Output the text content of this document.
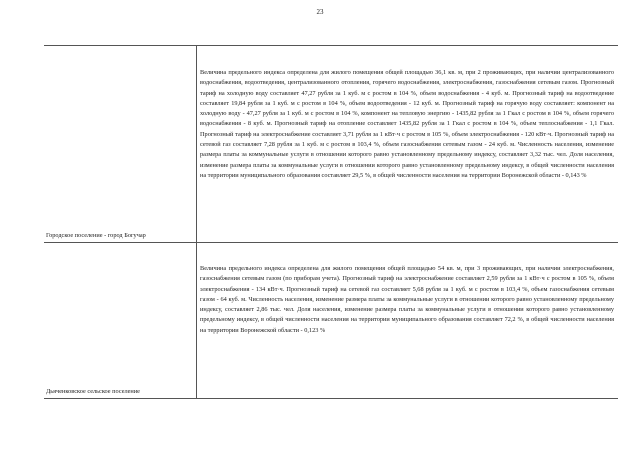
23
Городское поселение - город Богучар
Величина предельного индекса определена для жилого помещения общей площадью 36,1 кв. м, при 2 проживающих, при наличии централизованного водоснабжения, водоотведения, централизованного отопления, горячего водоснабжения, электроснабжения, газоснабжения сетевым газом. Прогнозный тариф на холодную воду составляет 47,27 рубля за 1 куб. м с ростом в 104 %, объем водоснабжения - 4 куб. м. Прогнозный тариф на водоотведение составляет 19,84 рубля за 1 куб. м с ростом в 104 %, объем водоотведения - 12 куб. м. Прогнозный тариф на горячую воду составляет: компонент на холодную воду - 47,27 рубля за 1 куб. м с ростом в 104 %, компонент на тепловую энергию - 1435,82 рубля за 1 Гкал с ростом в 104 %, объем горячего водоснабжения - 8 куб. м. Прогнозный тариф на отопление составляет 1435,82 рубля за 1 Гкал с ростом в 104 %, объем теплоснабжения - 1,1 Гкал. Прогнозный тариф на электроснабжение составляет 3,71 рубля за 1 кВт·ч с ростом в 105 %, объем электроснабжения - 120 кВт·ч. Прогнозный тариф на сетевой газ составляет 7,28 рубля за 1 куб. м с ростом в 103,4 %, объем газоснабжения сетевым газом - 24 куб. м. Численность населения, изменение размера платы за коммунальные услуги в отношении которого равно установленному предельному индексу, составляет 3,32 тыс. чел. Доля населения, изменение размера платы за коммунальные услуги в отношении которого равно установленному предельному индексу, в общей численности населения на территории муниципального образования составляет 29,5 %, в общей численности населения на территории Воронежской области - 0,143 %
Дьяченковское сельское поселение
Величина предельного индекса определена для жилого помещения общей площадью 54 кв. м, при 3 проживающих, при наличии электроснабжения, газоснабжения сетевым газом (по приборам учета). Прогнозный тариф на электроснабжение составляет 2,59 рубля за 1 кВт·ч с ростом в 105 %, объем электроснабжения - 134 кВт·ч. Прогнозный тариф на сетевой газ составляет 5,68 рубля за 1 куб. м с ростом в 103,4 %, объем газоснабжения сетевым газом - 64 куб. м. Численность населения, изменение размера платы за коммунальные услуги в отношении которого равно установленному предельному индексу, составляет 2,86 тыс. чел. Доля населения, изменение размера платы за коммунальные услуги в отношении которого равно установленному предельному индексу, в общей численности населения на территории муниципального образования составляет 72,2 %, в общей численности населения на территории Воронежской области - 0,123 %
